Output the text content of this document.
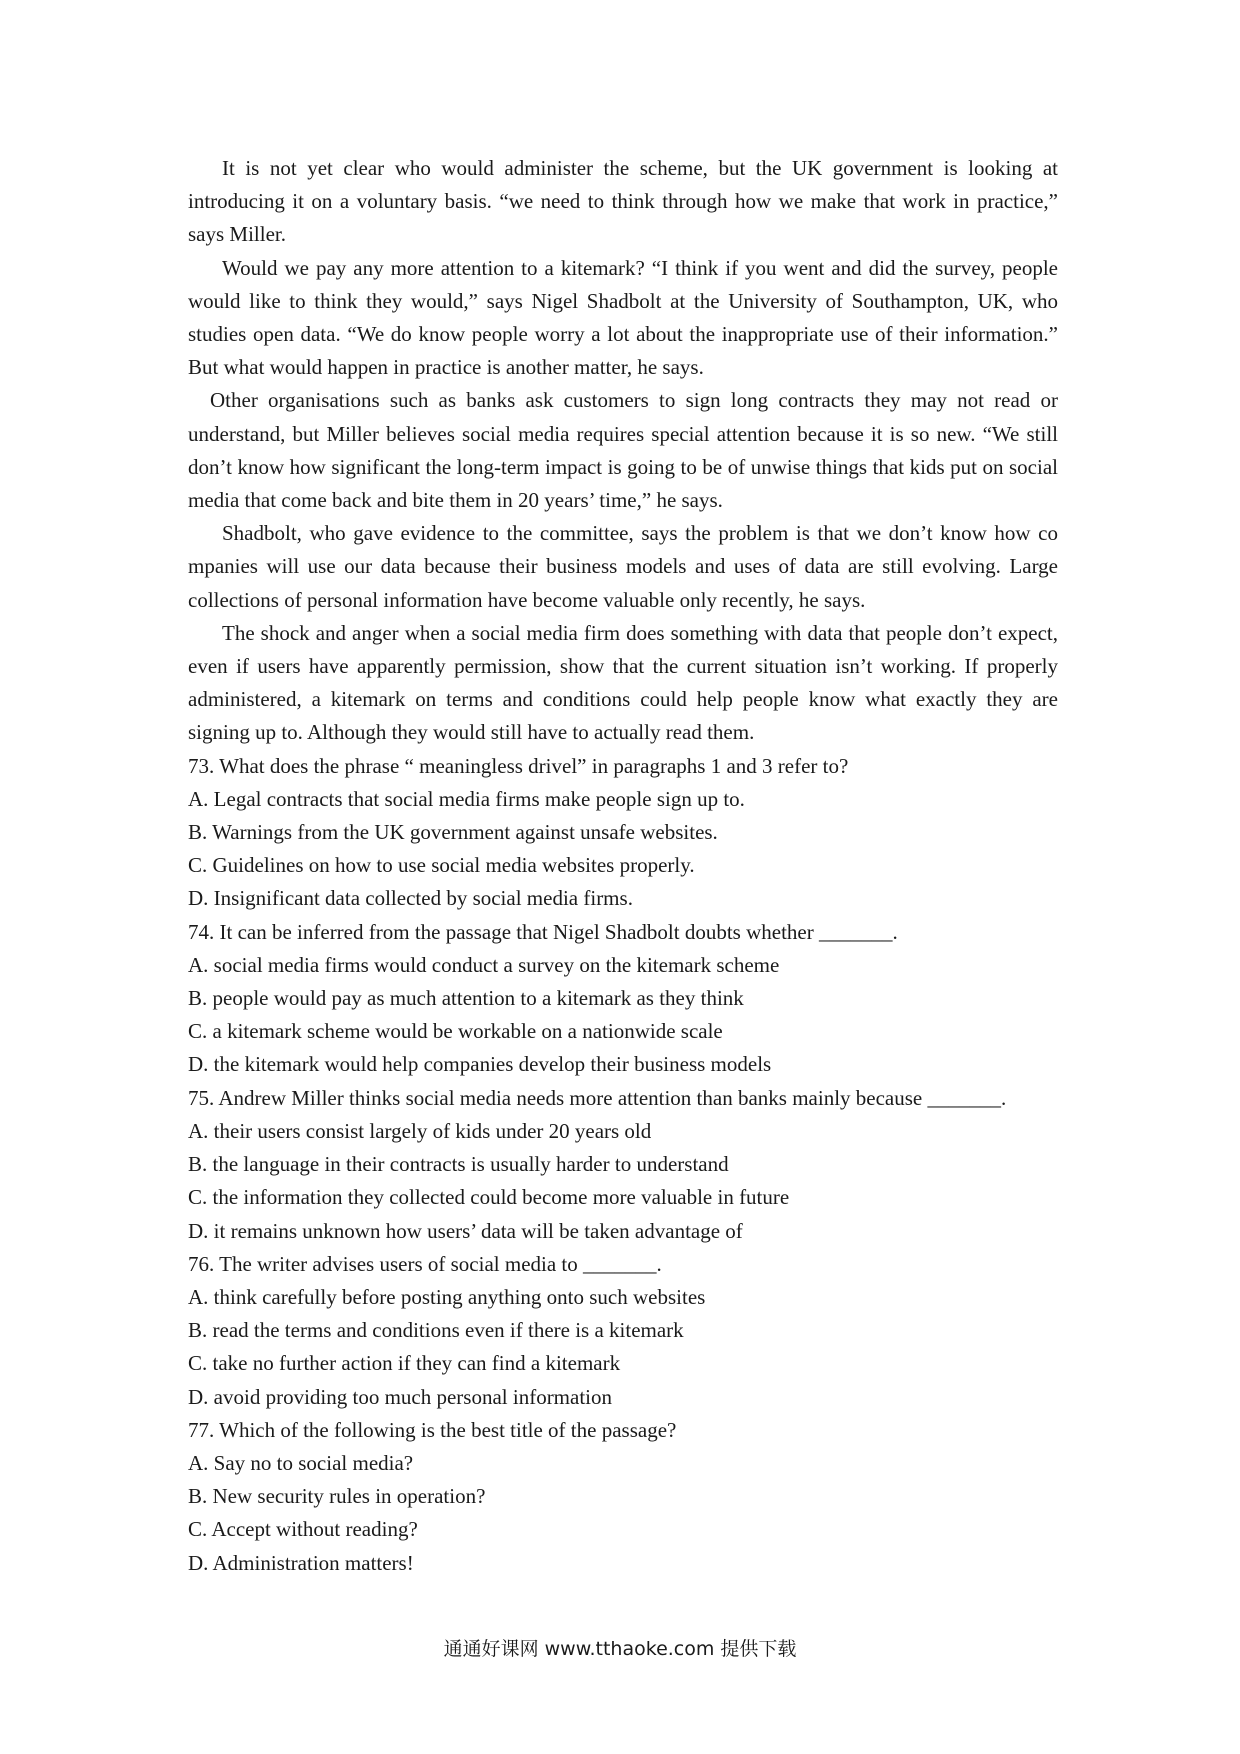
It is not yet clear who would administer the scheme, but the UK government is looking at introducing it on a voluntary basis. “we need to think through how we make that work in practice,” says Miller.

Would we pay any more attention to a kitemark? “I think if you went and did the survey, people would like to think they would,” says Nigel Shadbolt at the University of Southampton, UK, who studies open data. “We do know people worry a lot about the inappropriate use of their information.” But what would happen in practice is another matter, he says.

Other organisations such as banks ask customers to sign long contracts they may not read or understand, but Miller believes social media requires special attention because it is so new. “We still don’t know how significant the long-term impact is going to be of unwise things that kids put on social media that come back and bite them in 20 years’ time,” he says.

Shadbolt, who gave evidence to the committee, says the problem is that we don’t know how co mpanies will use our data because their business models and uses of data are still evolving. Large collections of personal information have become valuable only recently, he says.

The shock and anger when a social media firm does something with data that people don’t expect, even if users have apparently permission, show that the current situation isn’t working. If properly administered, a kitemark on terms and conditions could help people know what exactly they are signing up to. Although they would still have to actually read them.

73. What does the phrase “ meaningless drivel” in paragraphs 1 and 3 refer to?
A. Legal contracts that social media firms make people sign up to.
B. Warnings from the UK government against unsafe websites.
C. Guidelines on how to use social media websites properly.
D. Insignificant data collected by social media firms.
74. It can be inferred from the passage that Nigel Shadbolt doubts whether _______.
A. social media firms would conduct a survey on the kitemark scheme
B. people would pay as much attention to a kitemark as they think
C. a kitemark scheme would be workable on a nationwide scale
D. the kitemark would help companies develop their business models
75. Andrew Miller thinks social media needs more attention than banks mainly because _______.
A. their users consist largely of kids under 20 years old
B. the language in their contracts is usually harder to understand
C. the information they collected could become more valuable in future
D. it remains unknown how users’ data will be taken advantage of
76. The writer advises users of social media to _______.
A. think carefully before posting anything onto such websites
B. read the terms and conditions even if there is a kitemark
C. take no further action if they can find a kitemark
D. avoid providing too much personal information
77. Which of the following is the best title of the passage?
A. Say no to social media?
B. New security rules in operation?
C. Accept without reading?
D. Administration matters!
通通好课网 www.tthaoke.com 提供下载
